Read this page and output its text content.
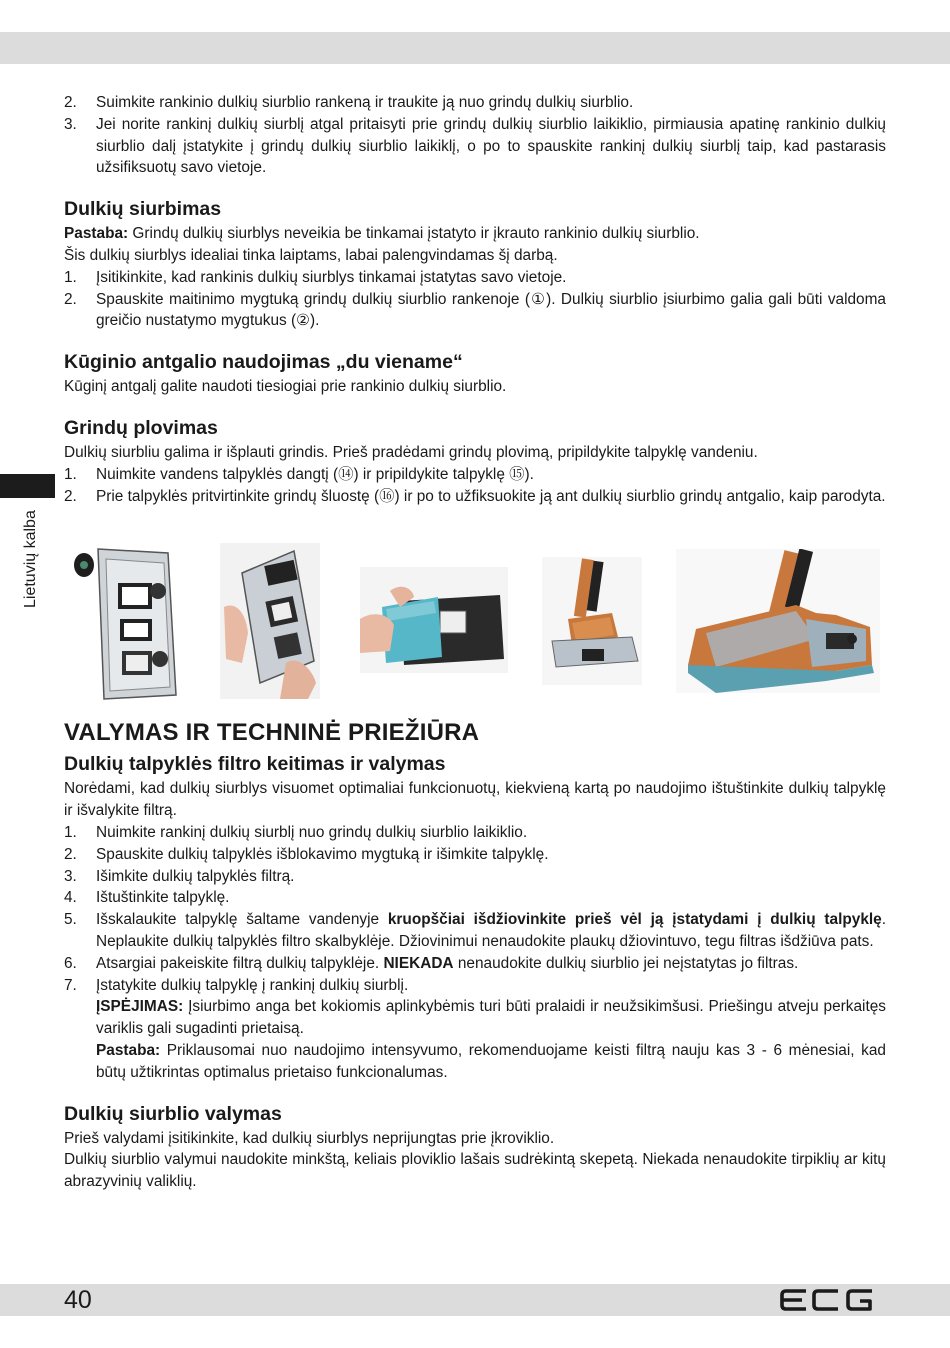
Lietuvių kalba
2.	Suimkite rankinio dulkių siurblio rankeną ir traukite ją nuo grindų dulkių siurblio.
3.	Jei norite rankinį dulkių siurblį atgal pritaisyti prie grindų dulkių siurblio laikiklio, pirmiausia apatinę rankinio dulkių siurblio dalį įstatykite į grindų dulkių siurblio laikiklį, o po to spauskite rankinį dulkių siurblį taip, kad pastarasis užsifiksuotų savo vietoje.
Dulkių siurbimas

Pastaba: Grindų dulkių siurblys neveikia be tinkamai įstatyto ir įkrauto rankinio dulkių siurblio.

Šis dulkių siurblys idealiai tinka laiptams, labai palengvindamas šį darbą.

1.	Įsitikinkite, kad rankinis dulkių siurblys tinkamai įstatytas savo vietoje.
2.	Spauskite maitinimo mygtuką grindų dulkių siurblio rankenoje (①). Dulkių siurblio įsiurbimo galia gali būti valdoma greičio nustatymo mygtukus (②).
Kūginio antgalio naudojimas „du viename“

Kūginį antgalį galite naudoti tiesiogiai prie rankinio dulkių siurblio.

Grindų plovimas

Dulkių siurbliu galima ir išplauti grindis. Prieš pradėdami grindų plovimą, pripildykite talpyklę vandeniu.

1.	Nuimkite vandens talpyklės dangtį (⑭) ir pripildykite talpyklę ⑮).
2.	Prie talpyklės pritvirtinkite grindų šluostę (⑯) ir po to užfiksuokite ją ant dulkių siurblio grindų antgalio, kaip parodyta.
VALYMAS IR TECHNINĖ PRIEŽIŪRA
Dulkių talpyklės filtro keitimas ir valymas

Norėdami, kad dulkių siurblys visuomet optimaliai funkcionuotų, kiekvieną kartą po naudojimo ištuštinkite dulkių talpyklę ir išvalykite filtrą.

1.	Nuimkite rankinį dulkių siurblį nuo grindų dulkių siurblio laikiklio.
2.	Spauskite dulkių talpyklės išblokavimo mygtuką ir išimkite talpyklę.
3.	Išimkite dulkių talpyklės filtrą.
4.	Ištuštinkite talpyklę.
5.	Išskalaukite talpyklę šaltame vandenyje kruopščiai išdžiovinkite prieš vėl ją įstatydami į dulkių talpyklę. Neplaukite dulkių talpyklės filtro skalbyklėje. Džiovinimui nenaudokite plaukų džiovintuvo, tegu filtras išdžiūva pats.
6.	Atsargiai pakeiskite filtrą dulkių talpyklėje. NIEKADA nenaudokite dulkių siurblio jei neįstatytas jo filtras.
7.	Įstatykite dulkių talpyklę į rankinį dulkių siurblį.

ĮSPĖJIMAS: Įsiurbimo anga bet kokiomis aplinkybėmis turi būti pralaidi ir neužsikimšusi. Priešingu atveju perkaitęs variklis gali sugadinti prietaisą.

Pastaba: Priklausomai nuo naudojimo intensyvumo, rekomenduojame keisti filtrą nauju kas 3 - 6 mėnesiai, kad būtų užtikrintas optimalus prietaiso funkcionalumas.

Dulkių siurblio valymas

Prieš valydami įsitikinkite, kad dulkių siurblys neprijungtas prie įkroviklio.

Dulkių siurblio valymui naudokite minkštą, keliais ploviklio lašais sudrėkintą skepetą. Niekada nenaudokite tirpiklių ar kitų abrazyvinių valiklių.

40
